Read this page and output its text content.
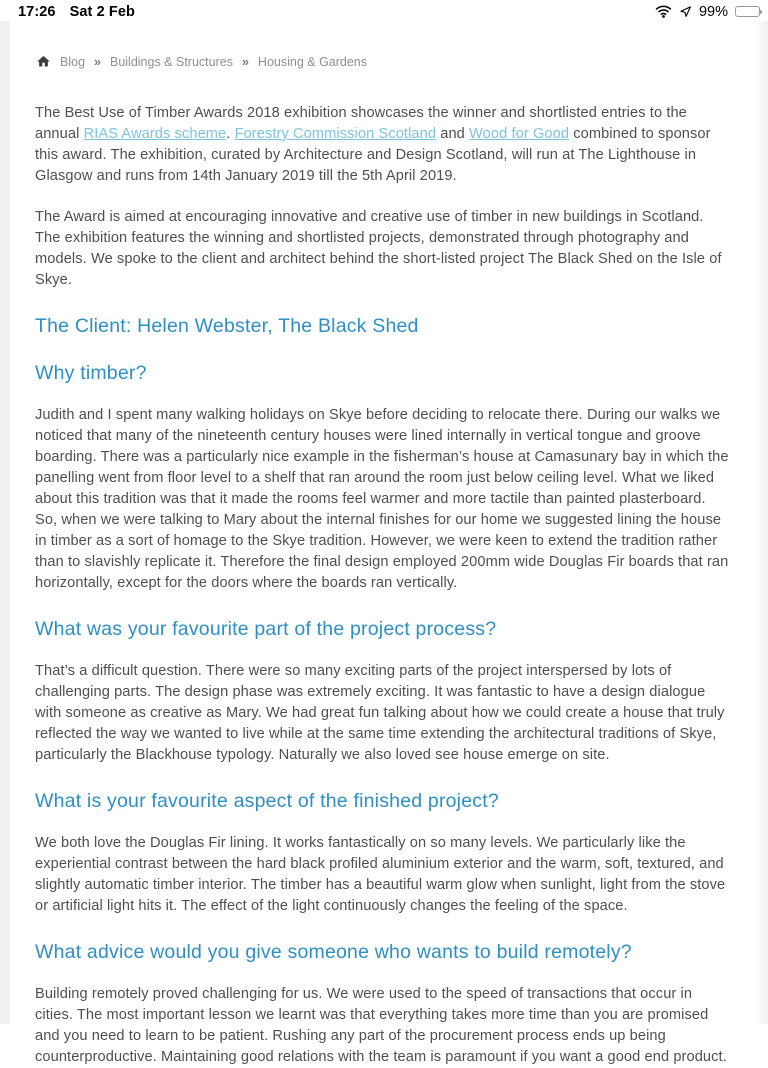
17:26 Sat 2 Feb	99%
Blog » Buildings & Structures » Housing & Gardens

The Best Use of Timber Awards 2018 exhibition showcases the winner and shortlisted entries to the annual RIAS Awards scheme. Forestry Commission Scotland and Wood for Good combined to sponsor this award. The exhibition, curated by Architecture and Design Scotland, will run at The Lighthouse in Glasgow and runs from 14th January 2019 till the 5th April 2019.

The Award is aimed at encouraging innovative and creative use of timber in new buildings in Scotland. The exhibition features the winning and shortlisted projects, demonstrated through photography and models. We spoke to the client and architect behind the short-listed project The Black Shed on the Isle of Skye.

The Client: Helen Webster, The Black Shed
Why timber?

Judith and I spent many walking holidays on Skye before deciding to relocate there. During our walks we noticed that many of the nineteenth century houses were lined internally in vertical tongue and groove boarding. There was a particularly nice example in the fisherman’s house at Camasunary bay in which the panelling went from floor level to a shelf that ran around the room just below ceiling level. What we liked about this tradition was that it made the rooms feel warmer and more tactile than painted plasterboard. So, when we were talking to Mary about the internal finishes for our home we suggested lining the house in timber as a sort of homage to the Skye tradition. However, we were keen to extend the tradition rather than to slavishly replicate it. Therefore the final design employed 200mm wide Douglas Fir boards that ran horizontally, except for the doors where the boards ran vertically.

What was your favourite part of the project process?

That’s a difficult question. There were so many exciting parts of the project interspersed by lots of challenging parts. The design phase was extremely exciting. It was fantastic to have a design dialogue with someone as creative as Mary. We had great fun talking about how we could create a house that truly reflected the way we wanted to live while at the same time extending the architectural traditions of Skye, particularly the Blackhouse typology. Naturally we also loved see house emerge on site.

What is your favourite aspect of the finished project?

We both love the Douglas Fir lining. It works fantastically on so many levels. We particularly like the experiential contrast between the hard black profiled aluminium exterior and the warm, soft, textured, and slightly automatic timber interior. The timber has a beautiful warm glow when sunlight, light from the stove or artificial light hits it. The effect of the light continuously changes the feeling of the space.

What advice would you give someone who wants to build remotely?

Building remotely proved challenging for us. We were used to the speed of transactions that occur in cities. The most important lesson we learnt was that everything takes more time than you are promised and you need to learn to be patient. Rushing any part of the procurement process ends up being counterproductive. Maintaining good relations with the team is paramount if you want a good end product.
